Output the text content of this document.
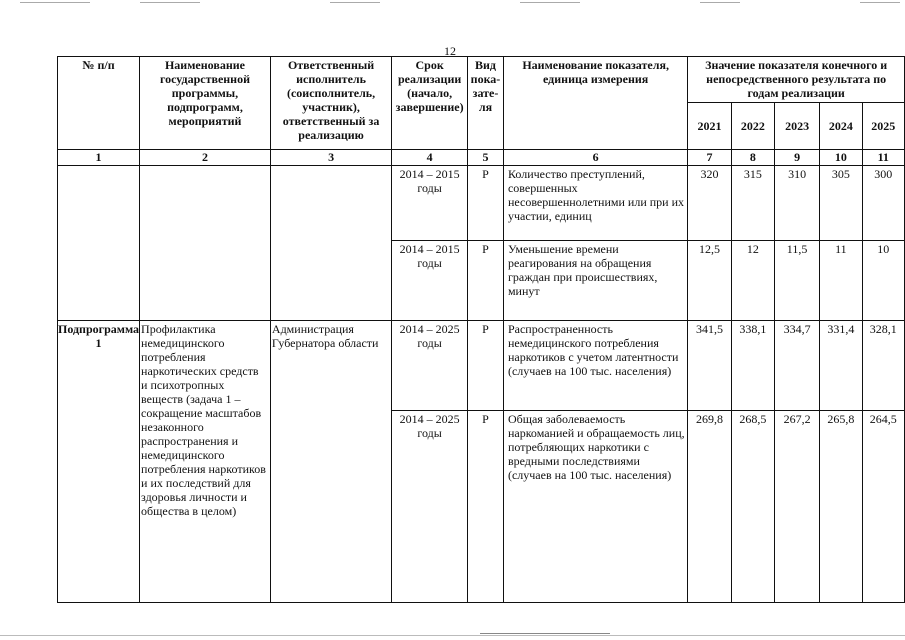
12
№ п/п	Наименование государственной программы, подпрограмм, мероприятий	Ответственный исполнитель (соисполнитель, участник), ответственный за реализацию	Срок реализации (начало, завершение)	Вид пока-зате-ля	Наименование показателя, единица измерения	Значение показателя конечного и непосредственного результата по годам реализации				
						2021	2022	2023	2024	2025
1	2	3	4	5	6	7	8	9	10	11
			2014 – 2015 годы	Р	Количество преступлений, совершенных несовершеннолетними или при их участии, единиц	320	315	310	305	300
			2014 – 2015 годы	Р	Уменьшение времени реагирования на обращения граждан при происшествиях, минут	12,5	12	11,5	11	10
Подпрограмма 1	Профилактика немедицинского потребления наркотических средств и психотропных веществ (задача 1 – сокращение масштабов незаконного распространения и немедицинского потребления наркотиков и их последствий для здоровья личности и общества в целом)	Администрация Губернатора области	2014 – 2025 годы	Р	Распространенность немедицинского потребления наркотиков с учетом латентности (случаев на 100 тыс. населения)	341,5	338,1	334,7	331,4	328,1
			2014 – 2025 годы	Р	Общая заболеваемость наркоманией и обращаемость лиц, потребляющих наркотики с вредными последствиями (случаев на 100 тыс. населения)	269,8	268,5	267,2	265,8	264,5
